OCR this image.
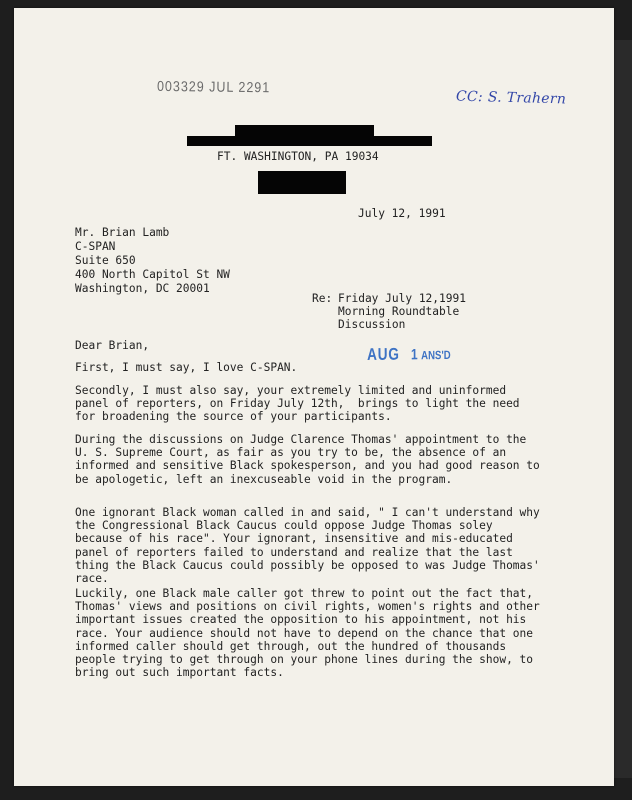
003329 JUL 2291
CC: S. Trahern
FT. WASHINGTON, PA 19034
July 12, 1991
Mr. Brian Lamb
C-SPAN
Suite 650
400 North Capitol St NW
Washington, DC 20001
Re: Friday July 12,1991
Morning Roundtable
Discussion
Dear Brian,	AUG 1 ANS'D
First, I must say, I love C-SPAN.
Secondly, I must also say, your extremely limited and uninformed panel of reporters, on Friday July 12th,  brings to light the need for broadening the source of your participants.
During the discussions on Judge Clarence Thomas' appointment to the U. S. Supreme Court, as fair as you try to be, the absence of an informed and sensitive Black spokesperson, and you had good reason to be apologetic, left an inexcuseable void in the program.
One ignorant Black woman called in and said, " I can't understand why the Congressional Black Caucus could oppose Judge Thomas soley because of his race". Your ignorant, insensitive and mis-educated panel of reporters failed to understand and realize that the last thing the Black Caucus could possibly be opposed to was Judge Thomas' race.
Luckily, one Black male caller got threw to point out the fact that, Thomas' views and positions on civil rights, women's rights and other important issues created the opposition to his appointment, not his race. Your audience should not have to depend on the chance that one informed caller should get through, out the hundred of thousands people trying to get through on your phone lines during the show, to bring out such important facts.
